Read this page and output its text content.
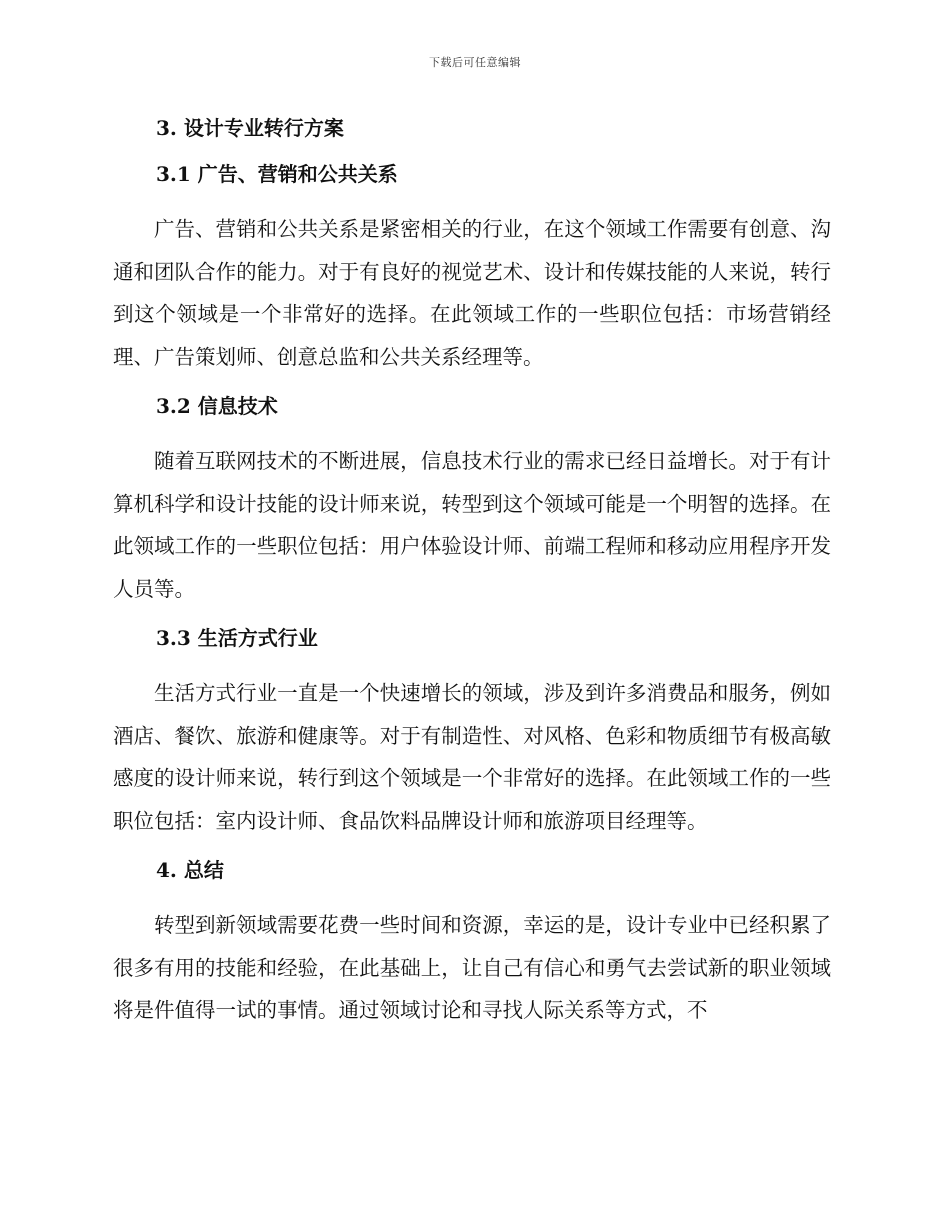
下载后可任意编辑
3. 设计专业转行方案
3.1 广告、营销和公共关系

广告、营销和公共关系是紧密相关的行业，在这个领域工作需要有创意、沟通和团队合作的能力。对于有良好的视觉艺术、设计和传媒技能的人来说，转行到这个领域是一个非常好的选择。在此领域工作的一些职位包括：市场营销经理、广告策划师、创意总监和公共关系经理等。

3.2 信息技术

随着互联网技术的不断进展，信息技术行业的需求已经日益增长。对于有计算机科学和设计技能的设计师来说，转型到这个领域可能是一个明智的选择。在此领域工作的一些职位包括：用户体验设计师、前端工程师和移动应用程序开发人员等。

3.3 生活方式行业

生活方式行业一直是一个快速增长的领域，涉及到许多消费品和服务，例如酒店、餐饮、旅游和健康等。对于有制造性、对风格、色彩和物质细节有极高敏感度的设计师来说，转行到这个领域是一个非常好的选择。在此领域工作的一些职位包括：室内设计师、食品饮料品牌设计师和旅游项目经理等。

4. 总结

转型到新领域需要花费一些时间和资源，幸运的是，设计专业中已经积累了很多有用的技能和经验，在此基础上，让自己有信心和勇气去尝试新的职业领域将是件值得一试的事情。通过领域讨论和寻找人际关系等方式，不
